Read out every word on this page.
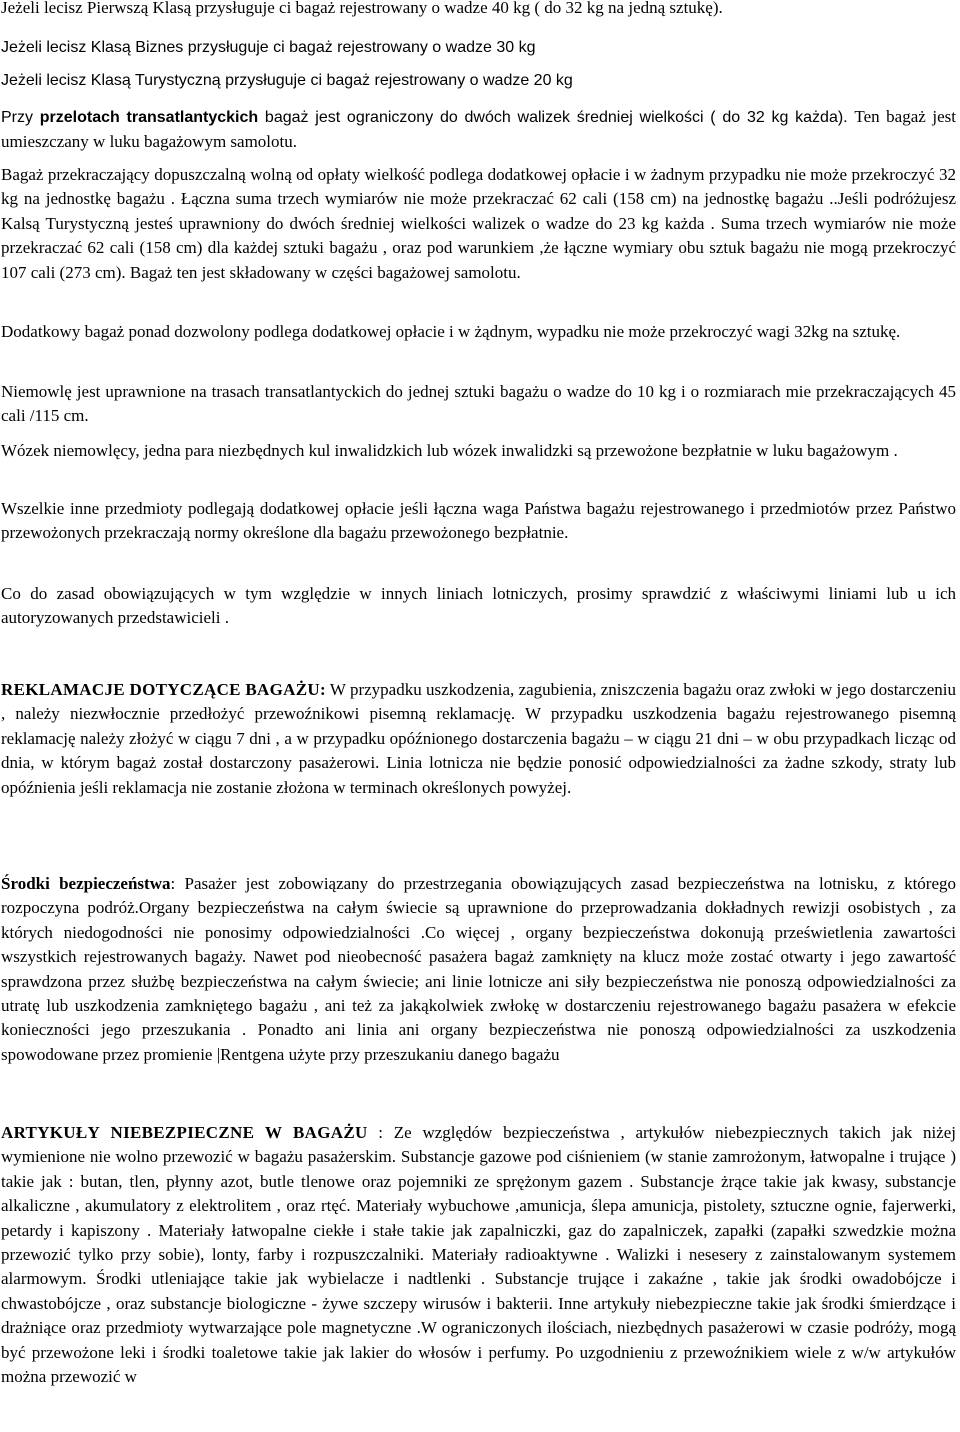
Jeżeli lecisz Pierwszą Klasą przysługuje ci bagaż rejestrowany o wadze 40 kg ( do 32 kg na jedną sztukę).

Jeżeli lecisz Klasą Biznes przysługuje ci bagaż rejestrowany o wadze 30 kg

Jeżeli lecisz Klasą Turystyczną przysługuje ci bagaż rejestrowany o wadze 20 kg

Przy przelotach transatlantyckich bagaż jest ograniczony do dwóch walizek średniej wielkości ( do 32 kg każda). Ten bagaż jest umieszczany w luku bagażowym samolotu.

Bagaż przekraczający dopuszczalną wolną od opłaty wielkość podlega dodatkowej opłacie i w żadnym przypadku nie może przekroczyć 32 kg na jednostkę bagażu . Łączna suma trzech wymiarów nie może przekraczać 62 cali (158 cm) na jednostkę bagażu ..Jeśli podróżujesz Kalsą Turystyczną jesteś uprawniony do dwóch średniej wielkości walizek o wadze do 23 kg każda . Suma trzech wymiarów nie może przekraczać 62 cali (158 cm) dla każdej sztuki bagażu , oraz pod warunkiem ,że łączne wymiary obu sztuk bagażu nie mogą przekroczyć 107 cali (273 cm). Bagaż ten jest składowany w części bagażowej samolotu.

Dodatkowy bagaż ponad dozwolony podlega dodatkowej opłacie i w żądnym, wypadku nie może przekroczyć wagi 32kg na sztukę.

Niemowlę jest uprawnione na trasach transatlantyckich do jednej sztuki bagażu o wadze do 10 kg i o rozmiarach mie przekraczających 45 cali /115 cm.

Wózek niemowlęcy, jedna para niezbędnych kul inwalidzkich lub wózek inwalidzki są przewożone bezpłatnie w luku bagażowym .

Wszelkie inne przedmioty podlegają dodatkowej opłacie jeśli łączna waga Państwa bagażu rejestrowanego i przedmiotów przez Państwo przewożonych przekraczają normy określone dla bagażu przewożonego bezpłatnie.

Co do zasad obowiązujących w tym względzie w innych liniach lotniczych, prosimy sprawdzić z właściwymi liniami lub u ich autoryzowanych przedstawicieli .

REKLAMACJE DOTYCZĄCE BAGAŻU: W przypadku uszkodzenia, zagubienia, zniszczenia bagażu oraz zwłoki w jego dostarczeniu , należy niezwłocznie przedłożyć przewoźnikowi pisemną reklamację. W przypadku uszkodzenia bagażu rejestrowanego pisemną reklamację należy złożyć w ciągu 7 dni , a w przypadku opóźnionego dostarczenia bagażu – w ciągu 21 dni – w obu przypadkach licząc od dnia, w którym bagaż został dostarczony pasażerowi. Linia lotnicza nie będzie ponosić odpowiedzialności za żadne szkody, straty lub opóźnienia jeśli reklamacja nie zostanie złożona w terminach określonych powyżej.

Środki bezpieczeństwa: Pasażer jest zobowiązany do przestrzegania obowiązujących zasad bezpieczeństwa na lotnisku, z którego rozpoczyna podróż.Organy bezpieczeństwa na całym świecie są uprawnione do przeprowadzania dokładnych rewizji osobistych , za których niedogodności nie ponosimy odpowiedzialności .Co więcej , organy bezpieczeństwa dokonują prześwietlenia zawartości wszystkich rejestrowanych bagaży. Nawet pod nieobecność pasażera bagaż zamknięty na klucz może zostać otwarty i jego zawartość sprawdzona przez służbę bezpieczeństwa na całym świecie; ani linie lotnicze ani siły bezpieczeństwa nie ponoszą odpowiedzialności za utratę lub uszkodzenia zamkniętego bagażu , ani też za jakąkolwiek zwłokę w dostarczeniu rejestrowanego bagażu pasażera w efekcie konieczności jego przeszukania . Ponadto ani linia ani organy bezpieczeństwa nie ponoszą odpowiedzialności za uszkodzenia spowodowane przez promienie |Rentgena użyte przy przeszukaniu danego bagażu

ARTYKUŁY NIEBEZPIECZNE W BAGAŻU : Ze względów bezpieczeństwa , artykułów niebezpiecznych takich jak niżej wymienione nie wolno przewozić w bagażu pasażerskim. Substancje gazowe pod ciśnieniem (w stanie zamrożonym, łatwopalne i trujące ) takie jak : butan, tlen, płynny azot, butle tlenowe oraz pojemniki ze sprężonym gazem . Substancje żrące takie jak kwasy, substancje alkaliczne , akumulatory z elektrolitem , oraz rtęć. Materiały wybuchowe ,amunicja, ślepa amunicja, pistolety, sztuczne ognie, fajerwerki, petardy i kapiszony . Materiały łatwopalne ciekłe i stałe takie jak zapalniczki, gaz do zapalniczek, zapałki (zapałki szwedzkie można przewozić tylko przy sobie), lonty, farby i rozpuszczalniki. Materiały radioaktywne . Walizki i nesesery z zainstalowanym systemem alarmowym. Środki utleniające takie jak wybielacze i nadtlenki . Substancje trujące i zakaźne , takie jak środki owadobójcze i chwastobójcze , oraz substancje biologiczne - żywe szczepy wirusów i bakterii. Inne artykuły niebezpieczne takie jak środki śmierdzące i drażniące oraz przedmioty wytwarzające pole magnetyczne .W ograniczonych ilościach, niezbędnych pasażerowi w czasie podróży, mogą być przewożone leki i środki toaletowe takie jak lakier do włosów i perfumy. Po uzgodnieniu z przewoźnikiem wiele z w/w artykułów można przewozić w
